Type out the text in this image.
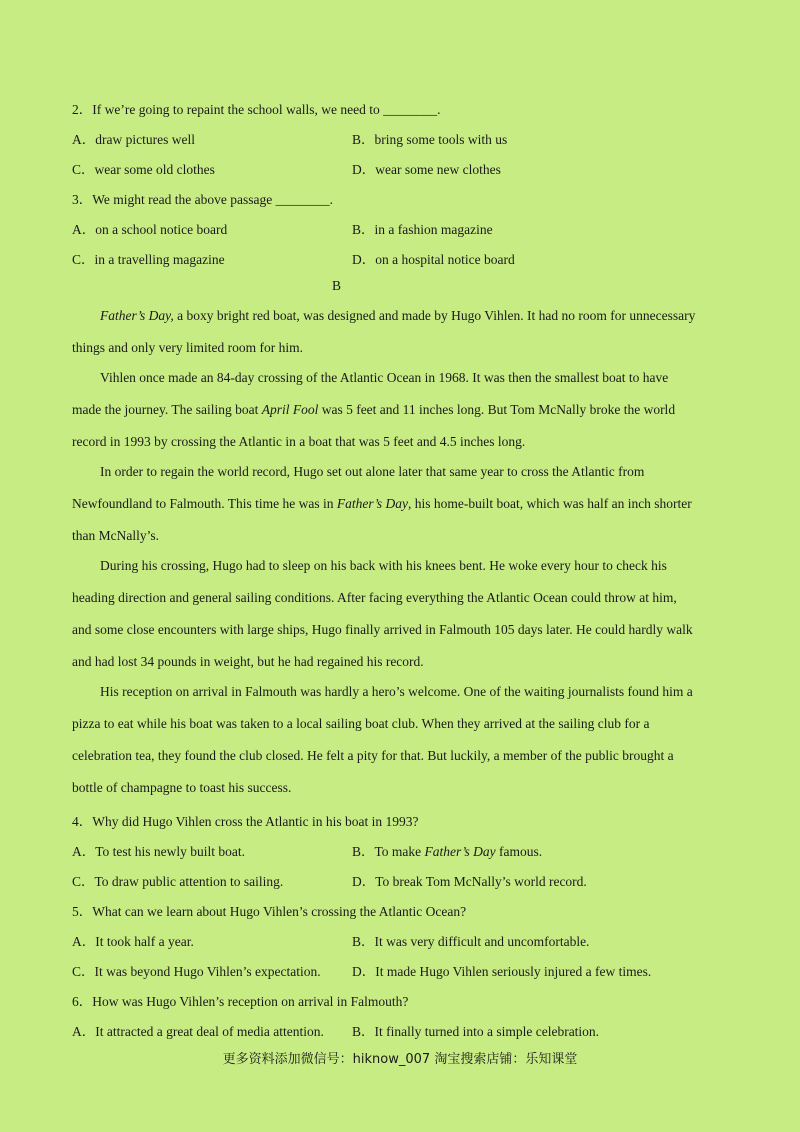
2．If we’re going to repaint the school walls, we need to ________.
A．draw pictures well	B．bring some tools with us
C．wear some old clothes	D．wear some new clothes
3．We might read the above passage ________.
A．on a school notice board	B．in a fashion magazine
C．in a travelling magazine	D．on a hospital notice board
B
Father’s Day, a boxy bright red boat, was designed and made by Hugo Vihlen. It had no room for unnecessary
things and only very limited room for him.
Vihlen once made an 84-day crossing of the Atlantic Ocean in 1968. It was then the smallest boat to have
made the journey. The sailing boat April Fool was 5 feet and 11 inches long. But Tom McNally broke the world
record in 1993 by crossing the Atlantic in a boat that was 5 feet and 4.5 inches long.
In order to regain the world record, Hugo set out alone later that same year to cross the Atlantic from
Newfoundland to Falmouth. This time he was in Father’s Day, his home-built boat, which was half an inch shorter
than McNally’s.
During his crossing, Hugo had to sleep on his back with his knees bent. He woke every hour to check his
heading direction and general sailing conditions. After facing everything the Atlantic Ocean could throw at him,
and some close encounters with large ships, Hugo finally arrived in Falmouth 105 days later. He could hardly walk
and had lost 34 pounds in weight, but he had regained his record.
His reception on arrival in Falmouth was hardly a hero’s welcome. One of the waiting journalists found him a
pizza to eat while his boat was taken to a local sailing boat club. When they arrived at the sailing club for a
celebration tea, they found the club closed. He felt a pity for that. But luckily, a member of the public brought a
bottle of champagne to toast his success.
4．Why did Hugo Vihlen cross the Atlantic in his boat in 1993?
A．To test his newly built boat.	B．To make Father’s Day famous.
C．To draw public attention to sailing.	D．To break Tom McNally’s world record.
5．What can we learn about Hugo Vihlen’s crossing the Atlantic Ocean?
A．It took half a year.	B．It was very difficult and uncomfortable.
C．It was beyond Hugo Vihlen’s expectation. D．It made Hugo Vihlen seriously injured a few times.
6．How was Hugo Vihlen’s reception on arrival in Falmouth?
A．It attracted a great deal of media attention. B．It finally turned into a simple celebration.
更多资料添加微信号：hiknow_007 淘宝搜索店铺：乐知课堂
